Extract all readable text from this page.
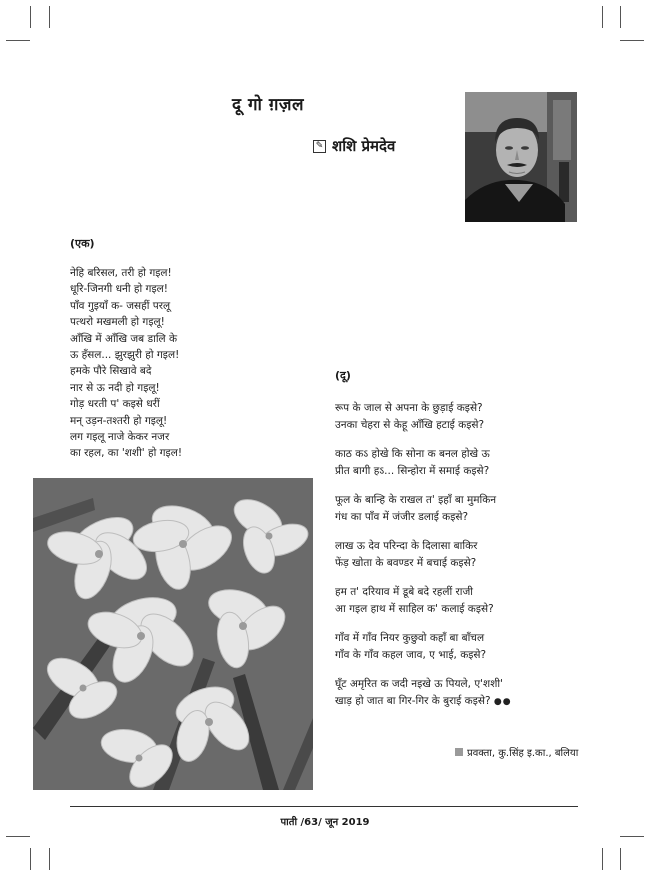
दू गो ग़ज़ल
✎ शशि प्रेमदेव
(एक)
नेहि बरिसल, तरी हो गइल!
धूरि-जिनगी धनी हो गइल!
पाँव गुइयाँ क- जसहीं परलू
पत्थरो मखमली हो गइलू!
आँखि में आँखि जब डालि के
ऊ हँसल... झुरझुरी हो गइल!
हमके पौरे सिखावे बदे
नार से ऊ नदी हो गइलू!
गोड़ धरती प' कइसे धरीं
मन् उड़न-तश्तरी हो गइलू!
लग गइलू नाजे केकर नजर
का रहल, का 'शशी' हो गइल!
(दू)
रूप के जाल से अपना के छुड़ाई कइसे?
उनका चेहरा से केहू आँखि हटाई कइसे?
काठ कऽ होखे कि सोना क बनल होखे ऊ
प्रीत बागी हऽ... सिन्होरा में समाई कइसे?
फूल के बान्हि के राखल त' इहाँ बा मुमकिन
गंध का पाँव में जंजीर डलाई कइसे?
लाख ऊ देव परिन्दा के दिलासा बाकिर
फेंड़ खोता के बवण्डर में बचाई कइसे?
हम त' दरियाव में डूबे बदे रहलीं राजी
आ गइल हाथ में साहिल क' कलाई कइसे?
गाँव में गाँव नियर कुछुवो कहाँ बा बाँचल
गाँव के गाँव कहल जाव, ए भाई, कइसे?
घूँट अमृरित क जदी नइखे ऊ पियले, ए'शशी'
खाड़ हो जात बा गिर-गिर के बुराई कइसे? ●●
प्रवक्ता, कु.सिंह इ.का., बलिया
पाती /63/ जून 2019
